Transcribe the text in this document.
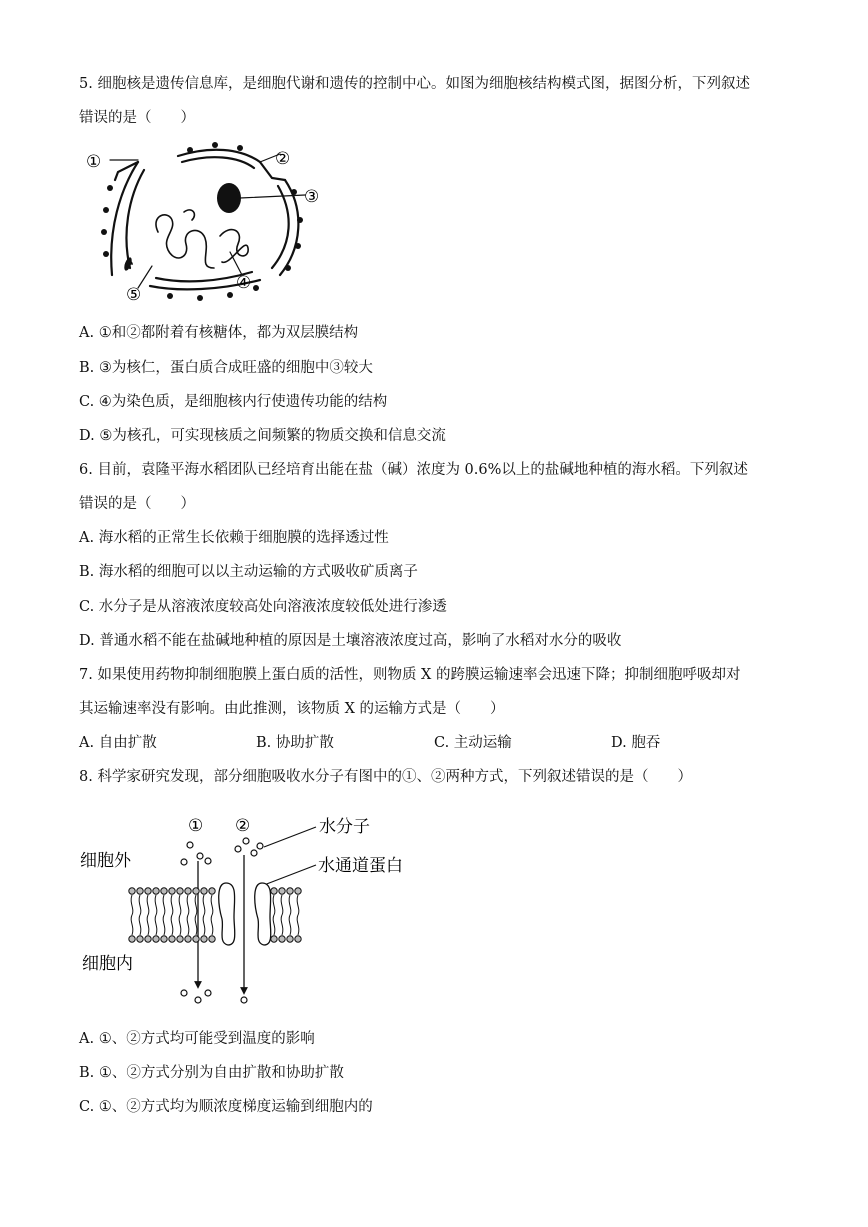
5. 细胞核是遗传信息库，是细胞代谢和遗传的控制中心。如图为细胞核结构模式图，据图分析，下列叙述
错误的是（　　）
①	②
③
④
⑤
A. ①和②都附着有核糖体，都为双层膜结构
B. ③为核仁，蛋白质合成旺盛的细胞中③较大
C. ④为染色质，是细胞核内行使遗传功能的结构
D. ⑤为核孔，可实现核质之间频繁的物质交换和信息交流
6. 目前，袁隆平海水稻团队已经培育出能在盐（碱）浓度为 0.6%以上的盐碱地种植的海水稻。下列叙述
错误的是（　　）
A. 海水稻的正常生长依赖于细胞膜的选择透过性
B. 海水稻的细胞可以以主动运输的方式吸收矿质离子
C. 水分子是从溶液浓度较高处向溶液浓度较低处进行渗透
D. 普通水稻不能在盐碱地种植的原因是土壤溶液浓度过高，影响了水稻对水分的吸收
7. 如果使用药物抑制细胞膜上蛋白质的活性，则物质 X 的跨膜运输速率会迅速下降；抑制细胞呼吸却对
其运输速率没有影响。由此推测，该物质 X 的运输方式是（　　）
A. 自由扩散	B. 协助扩散	C. 主动运输	D. 胞吞
8. 科学家研究发现，部分细胞吸收水分子有图中的①、②两种方式，下列叙述错误的是（　　）
① ②	水分子
水通道蛋白
细胞外
细胞内
A. ①、②方式均可能受到温度的影响
B. ①、②方式分别为自由扩散和协助扩散
C. ①、②方式均为顺浓度梯度运输到细胞内的
